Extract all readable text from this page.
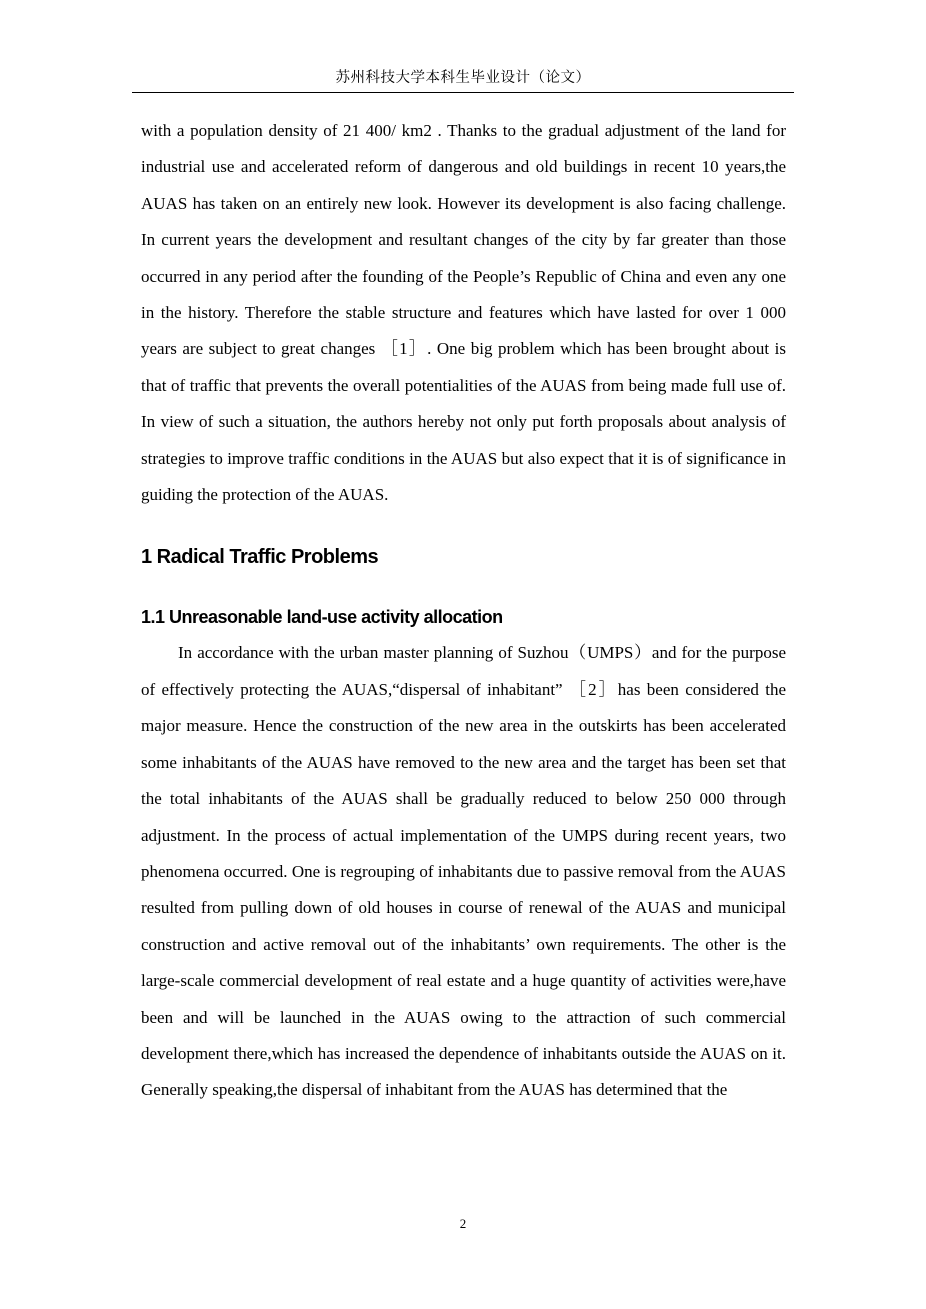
苏州科技大学本科生毕业设计（论文）

with a population density of 21 400/ km2 . Thanks to the gradual adjustment of the land for industrial use and accelerated reform of dangerous and old buildings in recent 10 years,the AUAS has taken on an entirely new look. However its development is also facing challenge. In current years the development and resultant changes of the city by far greater than those occurred in any period after the founding of the People’s Republic of China and even any one in the history. Therefore the stable structure and features which have lasted for over 1 000 years are subject to great changes ［1］. One big problem which has been brought about is that of traffic that prevents the overall potentialities of the AUAS from being made full use of. In view of such a situation, the authors hereby not only put forth proposals about analysis of strategies to improve traffic conditions in the AUAS but also expect that it is of significance in guiding the protection of the AUAS.

1 Radical Traffic Problems
1.1 Unreasonable land-use activity allocation

In accordance with the urban master planning of Suzhou（UMPS）and for the purpose of effectively protecting the AUAS,“dispersal of inhabitant” ［2］has been considered the major measure. Hence the construction of the new area in the outskirts has been accelerated some inhabitants of the AUAS have removed to the new area and the target has been set that the total inhabitants of the AUAS shall be gradually reduced to below 250 000 through adjustment. In the process of actual implementation of the UMPS during recent years, two phenomena occurred. One is regrouping of inhabitants due to passive removal from the AUAS resulted from pulling down of old houses in course of renewal of the AUAS and municipal construction and active removal out of the inhabitants’ own requirements. The other is the large-scale commercial development of real estate and a huge quantity of activities were,have been and will be launched in the AUAS owing to the attraction of such commercial development there,which has increased the dependence of inhabitants outside the AUAS on it. Generally speaking,the dispersal of inhabitant from the AUAS has determined that the

2
